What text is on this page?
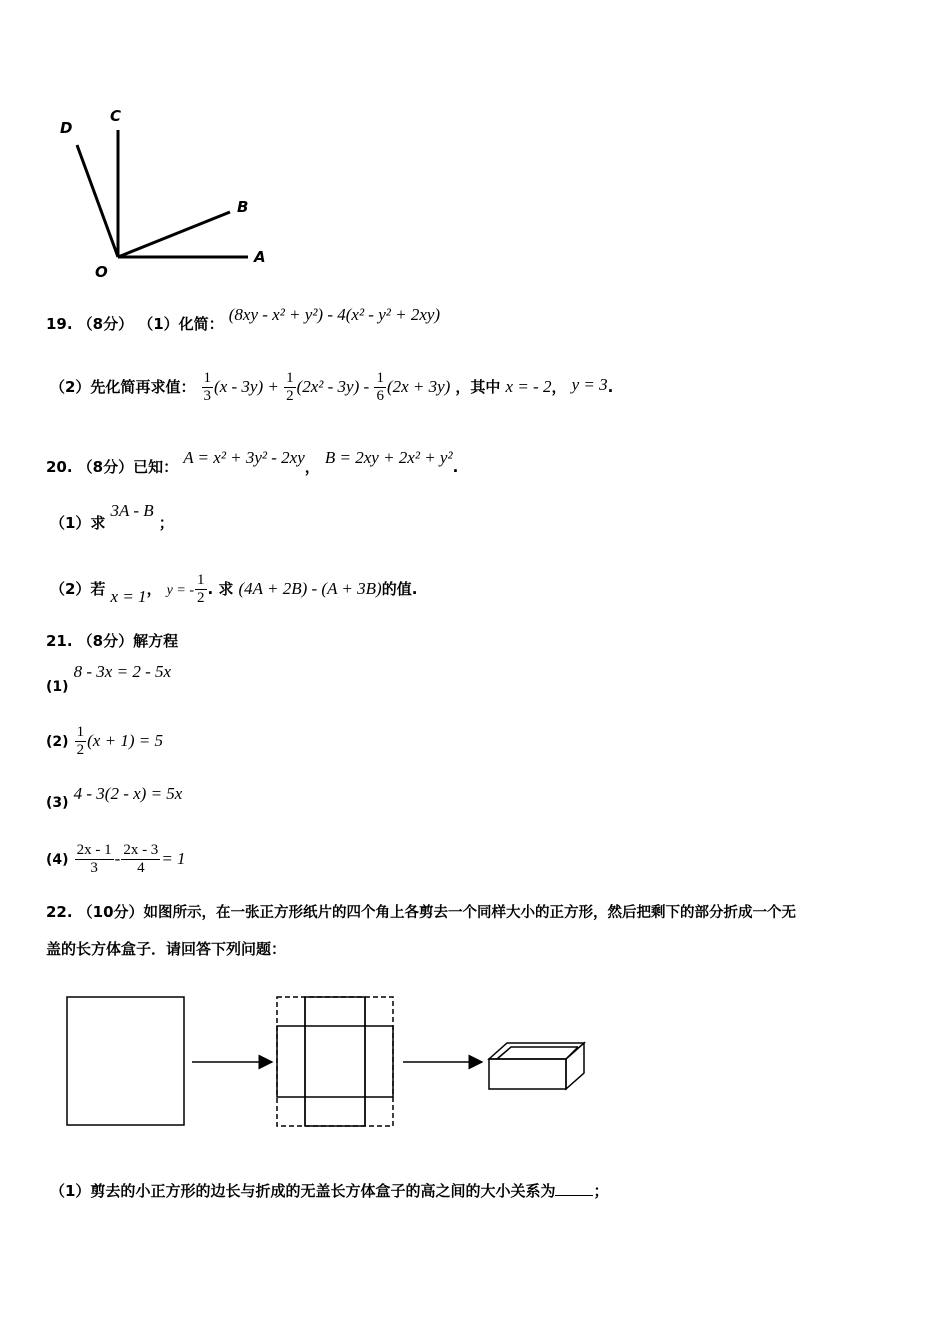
D
C
B
A
O
19. （8分） （1）化简： (8xy - x² + y²) - 4(x² - y² + 2xy)
（2）先化简再求值： $\frac{1}{3} (x - 3y) + \frac{1}{2} (2x^2 - 3y) - \frac{1}{6} (2x + 3y)$ ，其中 x = - 2， y = 3.
20. （8分）已知： A = x² + 3y² - 2xy， B = 2xy + 2x² + y².
（1）求 3A - B ；
（2）若 x = 1， y = - $\frac{1}{2}$ . 求 (4A + 2B) - (A + 3B)的值.
21. （8分）解方程
(1) 8 - 3x = 2 - 5x
$(2) \frac{1}{2} (x + 1) = 5$
(3) 4 - 3(2 - x) = 5x
$(4) \frac{2x - 1}{3} - \frac{2x - 3}{4} = 1$
22. （10分）如图所示，在一张正方形纸片的四个角上各剪去一个同样大小的正方形，然后把剩下的部分折成一个无
盖的长方体盒子．请回答下列问题：
（1）剪去的小正方形的边长与折成的无盖长方体盒子的高之间的大小关系为	；
